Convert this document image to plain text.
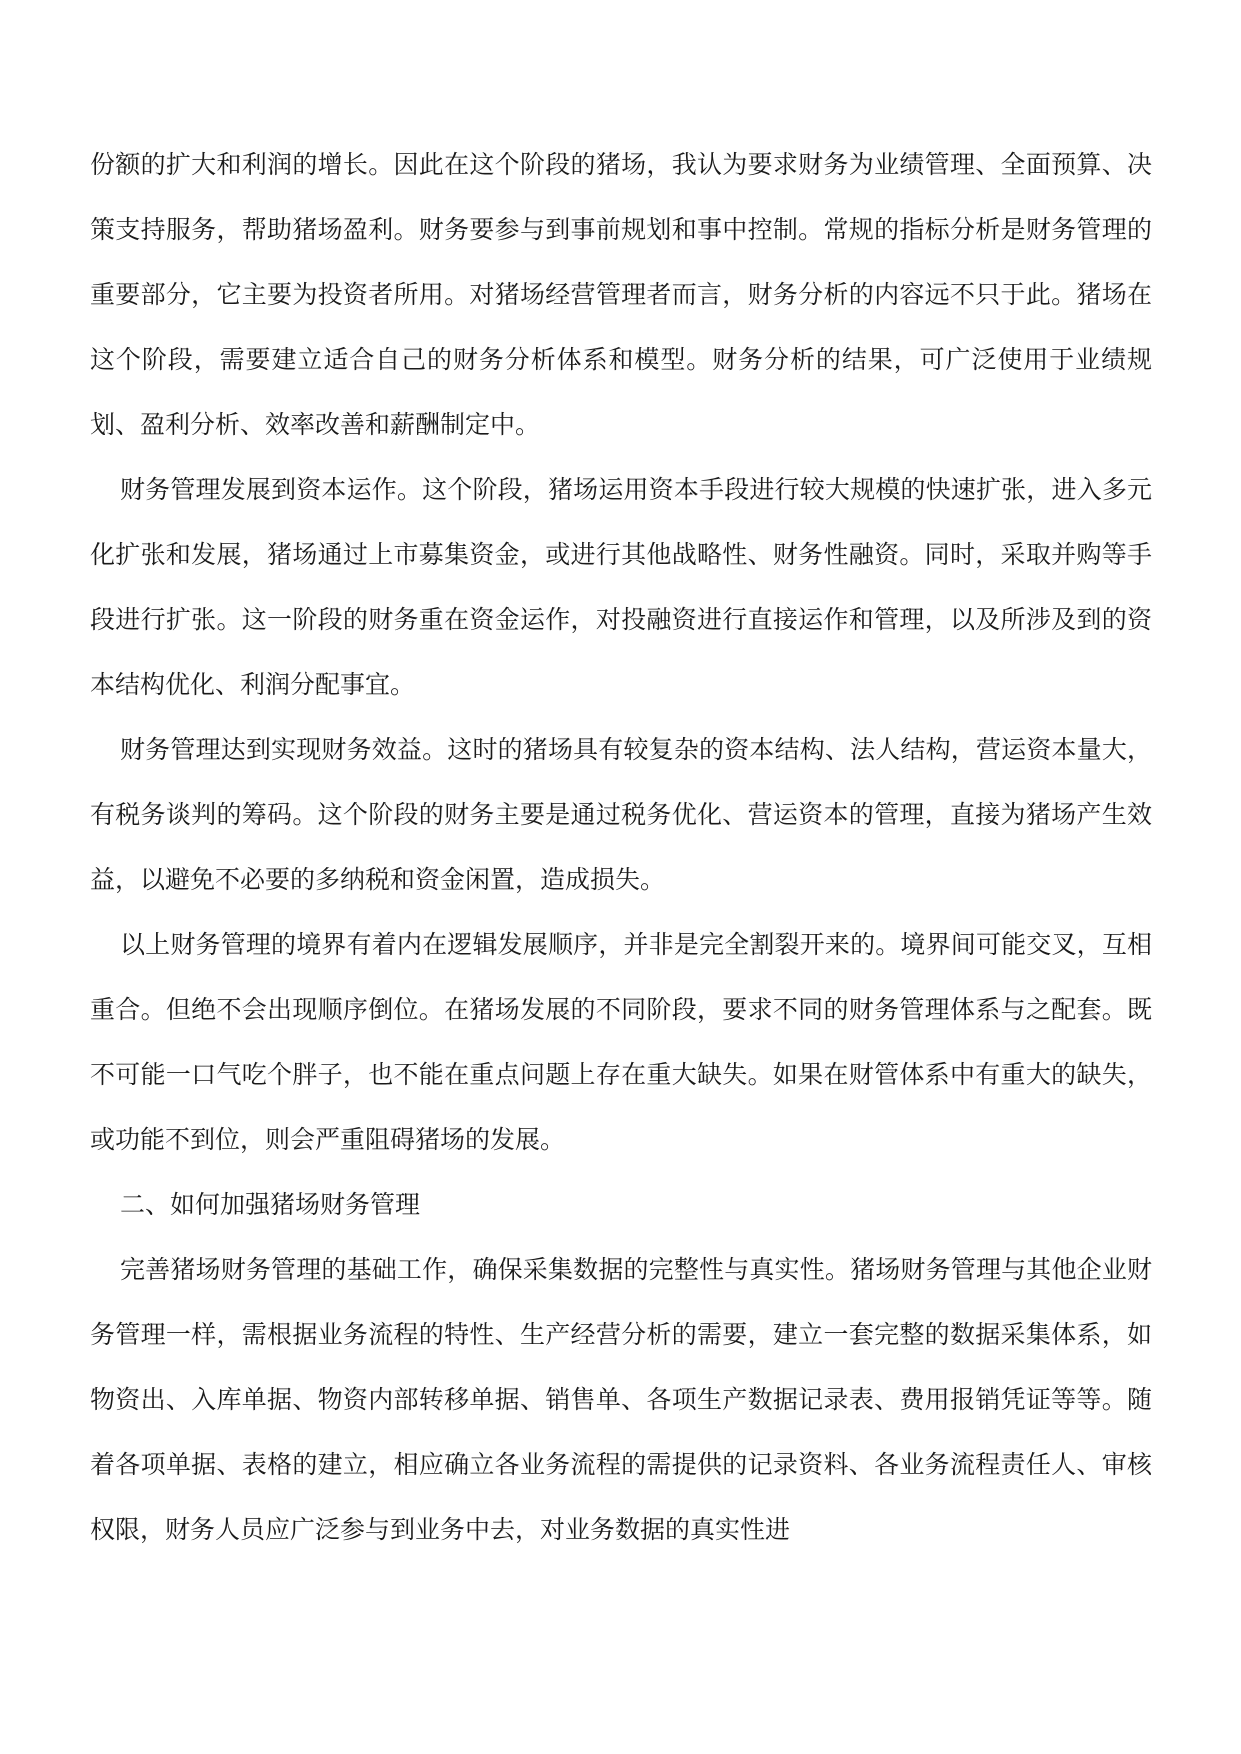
份额的扩大和利润的增长。因此在这个阶段的猪场，我认为要求财务为业绩管理、全面预算、决策支持服务，帮助猪场盈利。财务要参与到事前规划和事中控制。常规的指标分析是财务管理的重要部分，它主要为投资者所用。对猪场经营管理者而言，财务分析的内容远不只于此。猪场在这个阶段，需要建立适合自己的财务分析体系和模型。财务分析的结果，可广泛使用于业绩规划、盈利分析、效率改善和薪酬制定中。

财务管理发展到资本运作。这个阶段，猪场运用资本手段进行较大规模的快速扩张，进入多元化扩张和发展，猪场通过上市募集资金，或进行其他战略性、财务性融资。同时，采取并购等手段进行扩张。这一阶段的财务重在资金运作，对投融资进行直接运作和管理，以及所涉及到的资本结构优化、利润分配事宜。

财务管理达到实现财务效益。这时的猪场具有较复杂的资本结构、法人结构，营运资本量大，有税务谈判的筹码。这个阶段的财务主要是通过税务优化、营运资本的管理，直接为猪场产生效益，以避免不必要的多纳税和资金闲置，造成损失。

以上财务管理的境界有着内在逻辑发展顺序，并非是完全割裂开来的。境界间可能交叉，互相重合。但绝不会出现顺序倒位。在猪场发展的不同阶段，要求不同的财务管理体系与之配套。既不可能一口气吃个胖子，也不能在重点问题上存在重大缺失。如果在财管体系中有重大的缺失，或功能不到位，则会严重阻碍猪场的发展。

二、如何加强猪场财务管理

完善猪场财务管理的基础工作，确保采集数据的完整性与真实性。猪场财务管理与其他企业财务管理一样，需根据业务流程的特性、生产经营分析的需要，建立一套完整的数据采集体系，如物资出、入库单据、物资内部转移单据、销售单、各项生产数据记录表、费用报销凭证等等。随着各项单据、表格的建立，相应确立各业务流程的需提供的记录资料、各业务流程责任人、审核权限，财务人员应广泛参与到业务中去，对业务数据的真实性进
